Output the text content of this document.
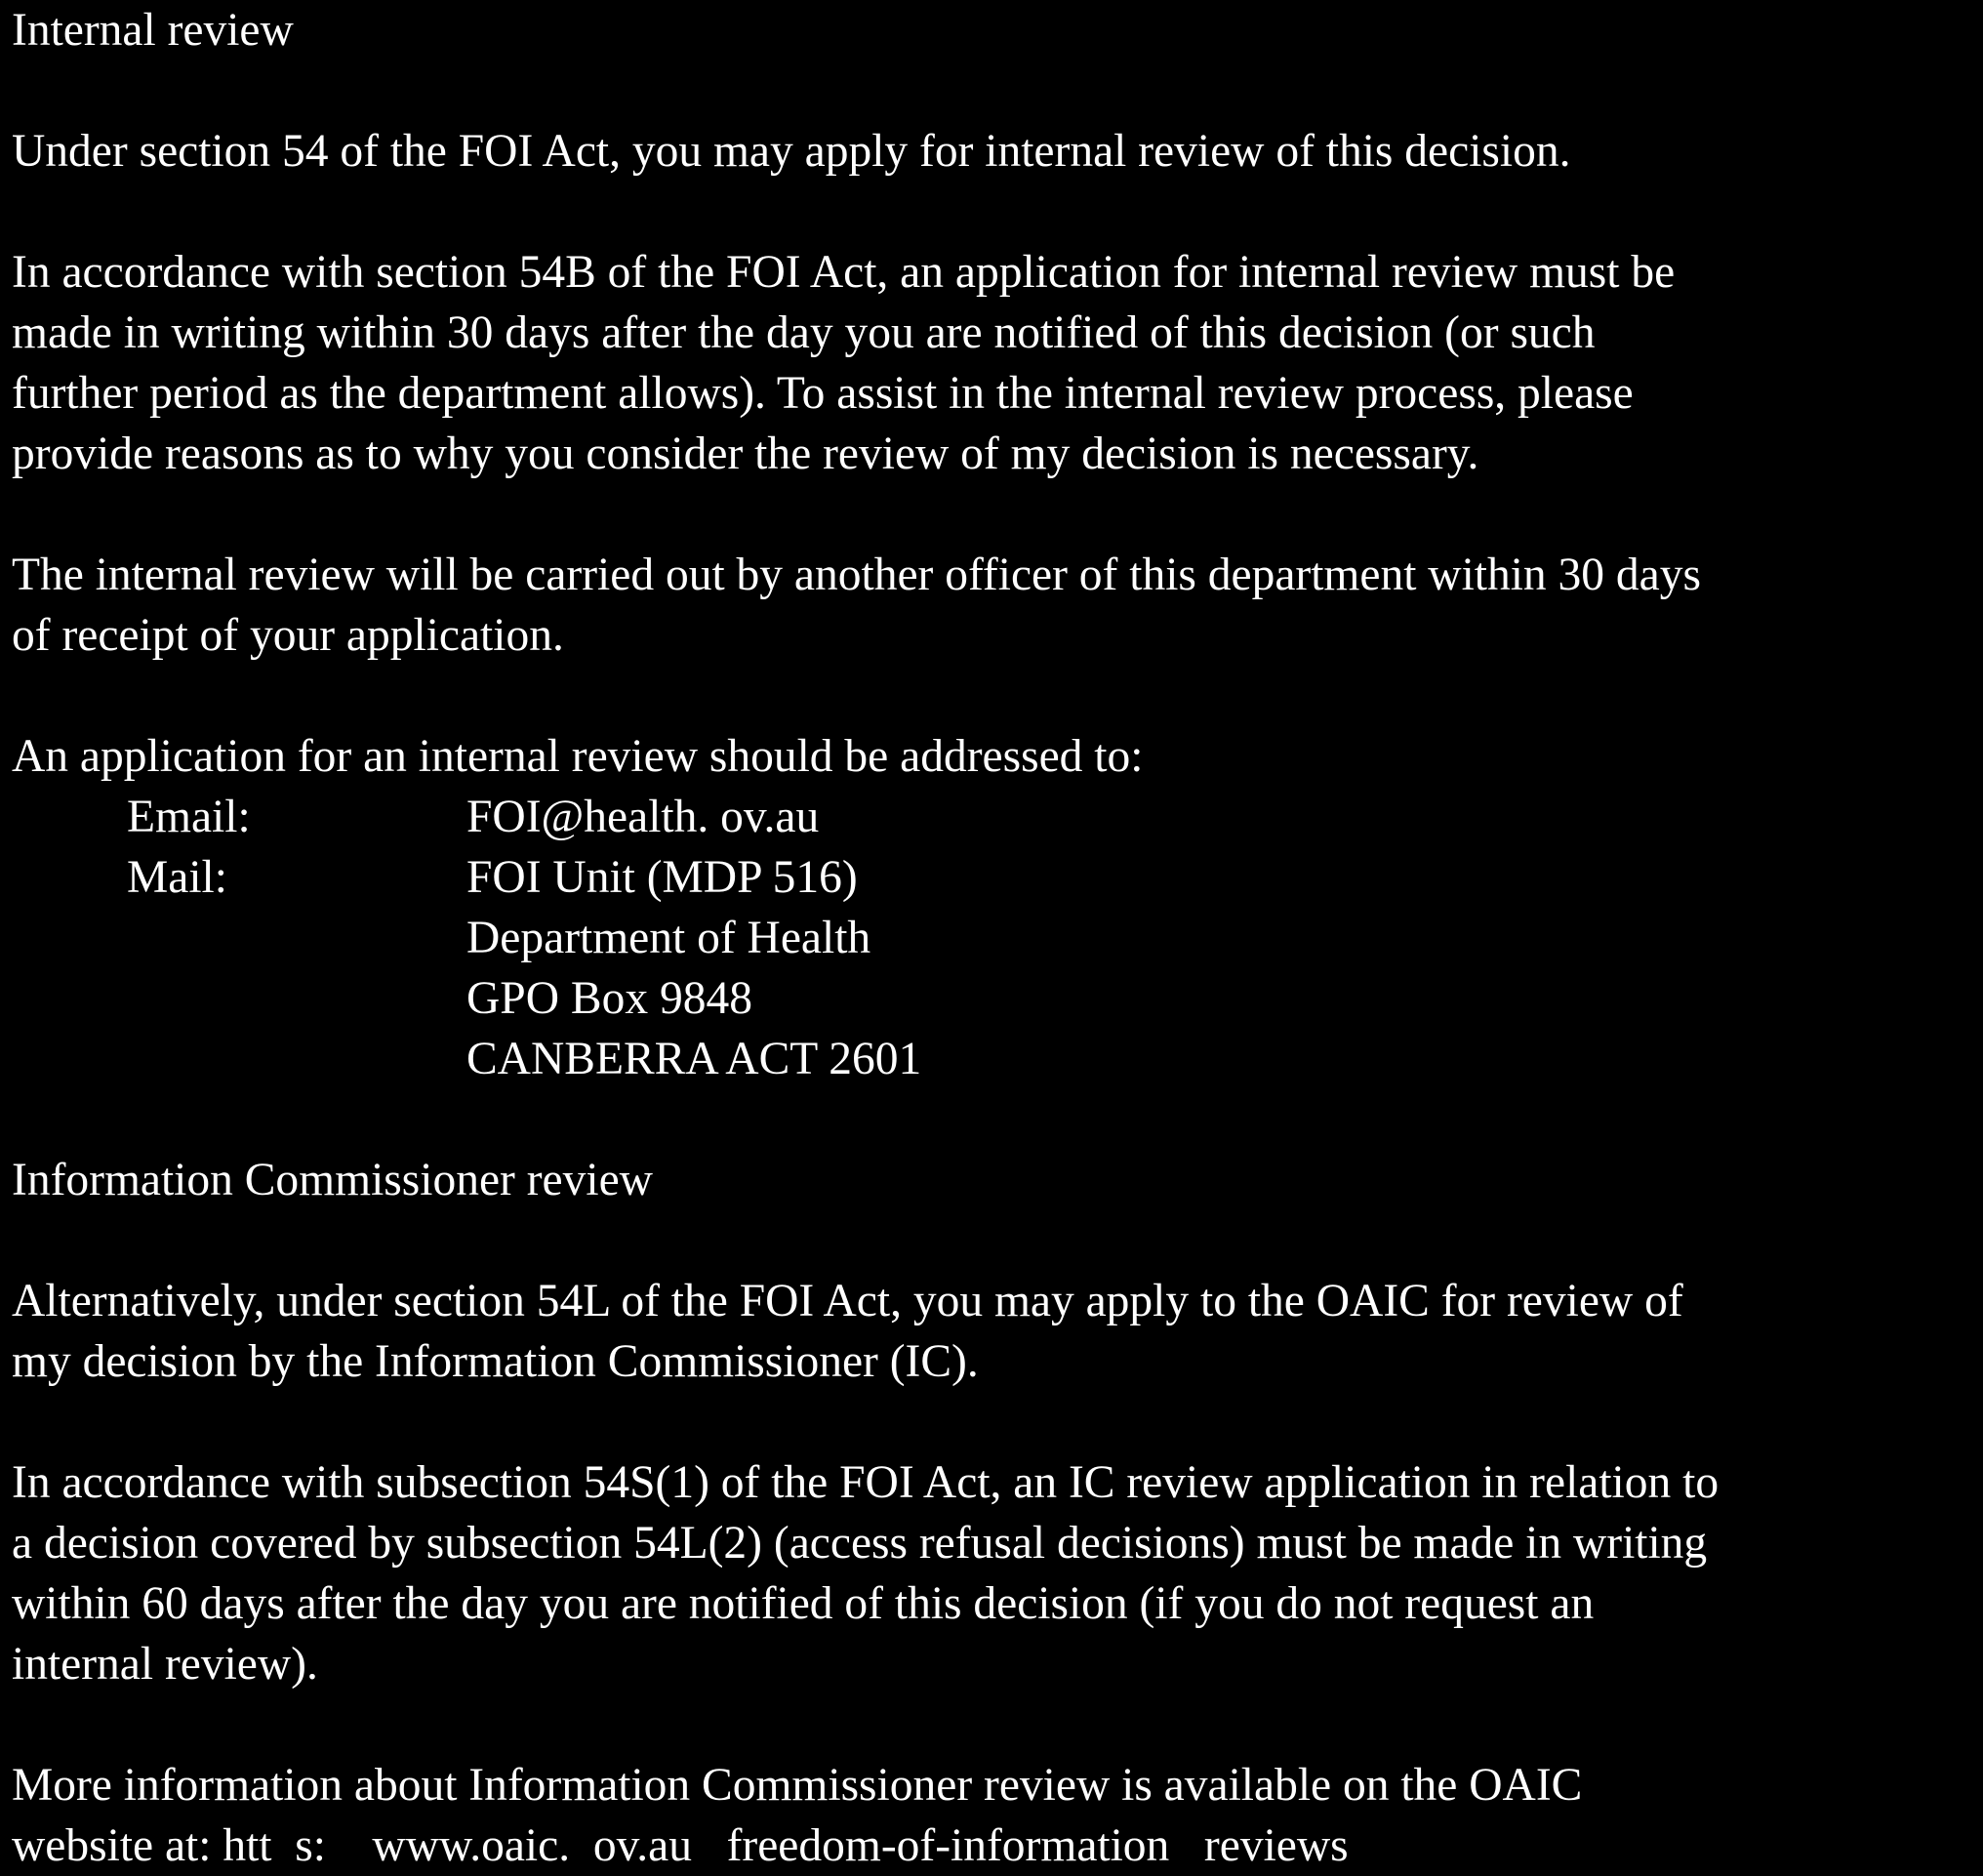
Internal review
Under section 54 of the FOI Act, you may apply for internal review of this decision.
In accordance with section 54B of the FOI Act, an application for internal review must be
made in writing within 30 days after the day you are notified of this decision (or such
further period as the department allows). To assist in the internal review process, please
provide reasons as to why you consider the review of my decision is necessary.
The internal review will be carried out by another officer of this department within 30 days
of receipt of your application.
An application for an internal review should be addressed to:
Email:	FOI@health. ov.au
Mail:	FOI Unit (MDP 516)
Department of Health
GPO Box 9848
CANBERRA ACT 2601
Information Commissioner review
Alternatively, under section 54L of the FOI Act, you may apply to the OAIC for review of
my decision by the Information Commissioner (IC).
In accordance with subsection 54S(1) of the FOI Act, an IC review application in relation to
a decision covered by subsection 54L(2) (access refusal decisions) must be made in writing
within 60 days after the day you are notified of this decision (if you do not request an
internal review).
More information about Information Commissioner review is available on the OAIC
website at: htt  s:    www.oaic.  ov.au   freedom-of-information   reviews
